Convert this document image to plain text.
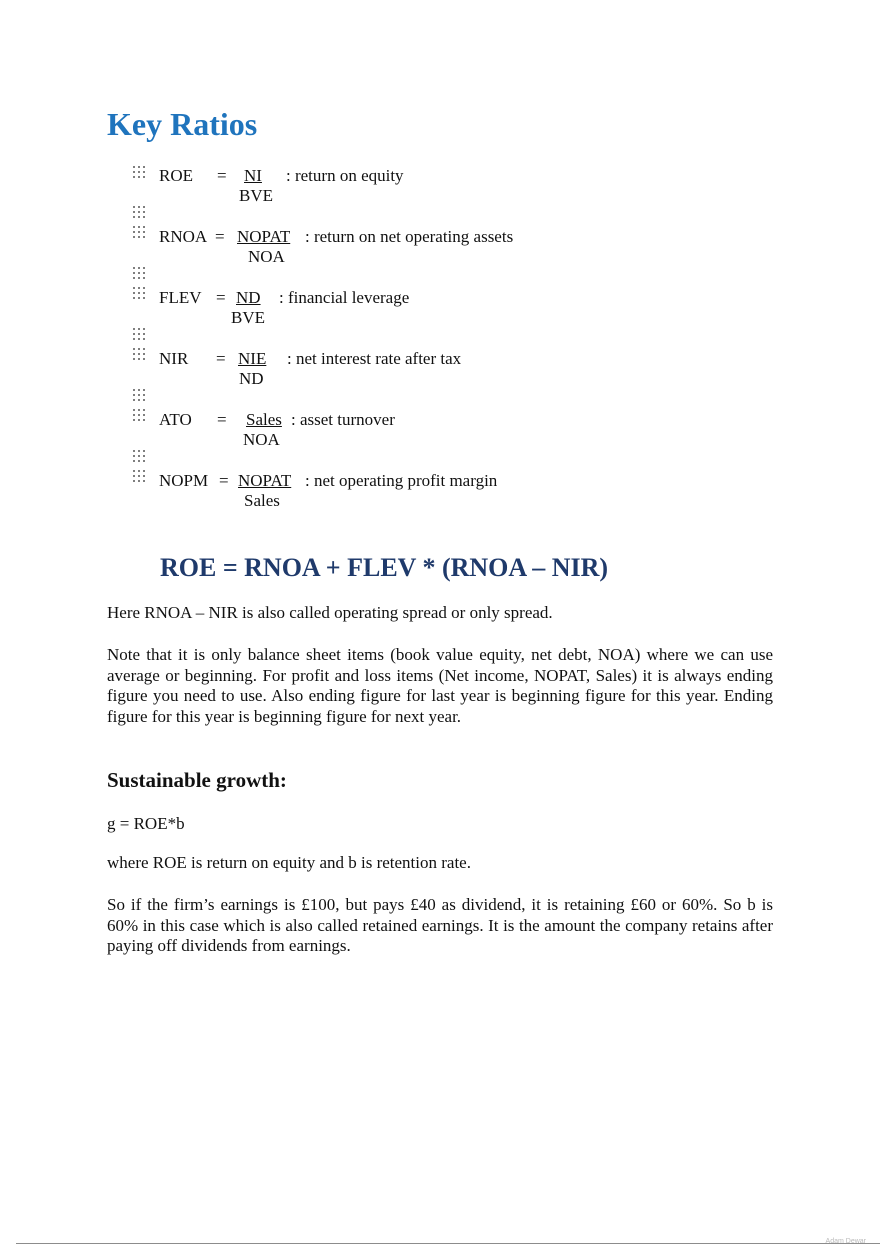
Key Ratios
ROE = NI : return on equity
BVE
RNOA = NOPAT : return on net operating assets
NOA
FLEV = ND : financial leverage
BVE
NIR = NIE : net interest rate after tax
ND
ATO = Sales : asset turnover
NOA
NOPM = NOPAT : net operating profit margin
Sales
ROE = RNOA + FLEV * (RNOA – NIR)
Here RNOA – NIR is also called operating spread or only spread.
Note that it is only balance sheet items (book value equity, net debt, NOA) where we can use average or beginning. For profit and loss items (Net income, NOPAT, Sales) it is always ending figure you need to use. Also ending figure for last year is beginning figure for this year. Ending figure for this year is beginning figure for next year.
Sustainable growth:
g = ROE*b
where ROE is return on equity and b is retention rate.
So if the firm’s earnings is £100, but pays £40 as dividend, it is retaining £60 or 60%. So b is 60% in this case which is also called retained earnings. It is the amount the company retains after paying off dividends from earnings.
Adam Dewar
